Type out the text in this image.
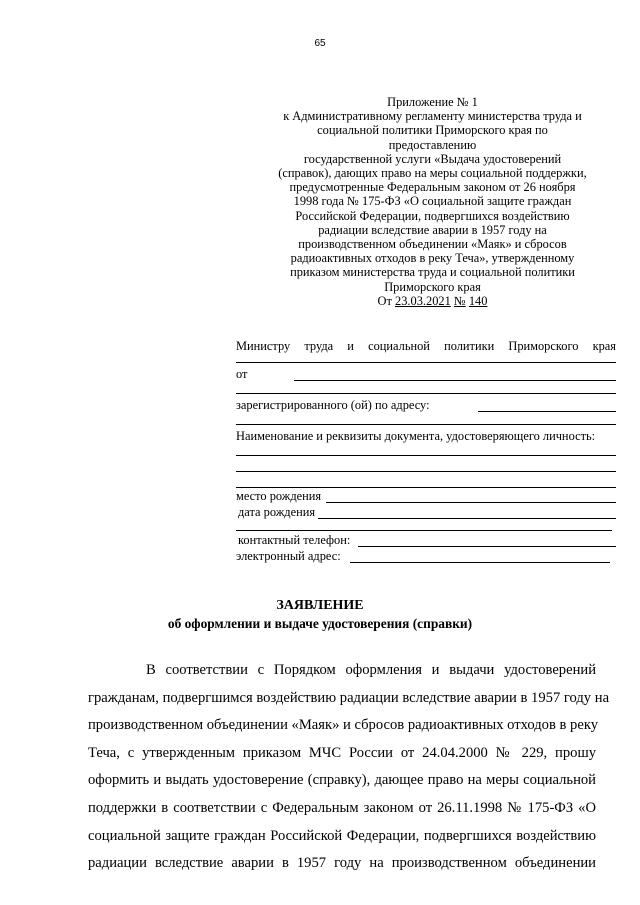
65
Приложение № 1
к Административному регламенту министерства труда и
социальной политики Приморского края по
предоставлению
государственной услуги «Выдача удостоверений
(справок), дающих право на меры социальной поддержки,
предусмотренные Федеральным законом от 26 ноября
1998 года № 175-ФЗ «О социальной защите граждан
Российской Федерации, подвергшихся воздействию
радиации вследствие аварии в 1957 году на
производственном объединении «Маяк» и сбросов
радиоактивных отходов в реку Теча», утвержденному
приказом министерства труда и социальной политики
Приморского края
От 23.03.2021 № 140
Министру труда и социальной политики Приморского края
от
зарегистрированного (ой) по адресу:
Наименование и реквизиты документа, удостоверяющего личность:
место рождения
дата рождения
контактный телефон:
электронный адрес:
ЗАЯВЛЕНИЕ
об оформлении и выдаче удостоверения (справки)
В соответствии с Порядком оформления и выдачи удостоверений
гражданам, подвергшимся воздействию радиации вследствие аварии в 1957 году на
производственном объединении «Маяк» и сбросов радиоактивных отходов в реку
Теча, с утвержденным приказом МЧС России от 24.04.2000 № 229, прошу
оформить и выдать удостоверение (справку), дающее право на меры социальной
поддержки в соответствии с Федеральным законом от 26.11.1998 № 175-ФЗ «О
социальной защите граждан Российской Федерации, подвергшихся воздействию
радиации вследствие аварии в 1957 году на производственном объединении
